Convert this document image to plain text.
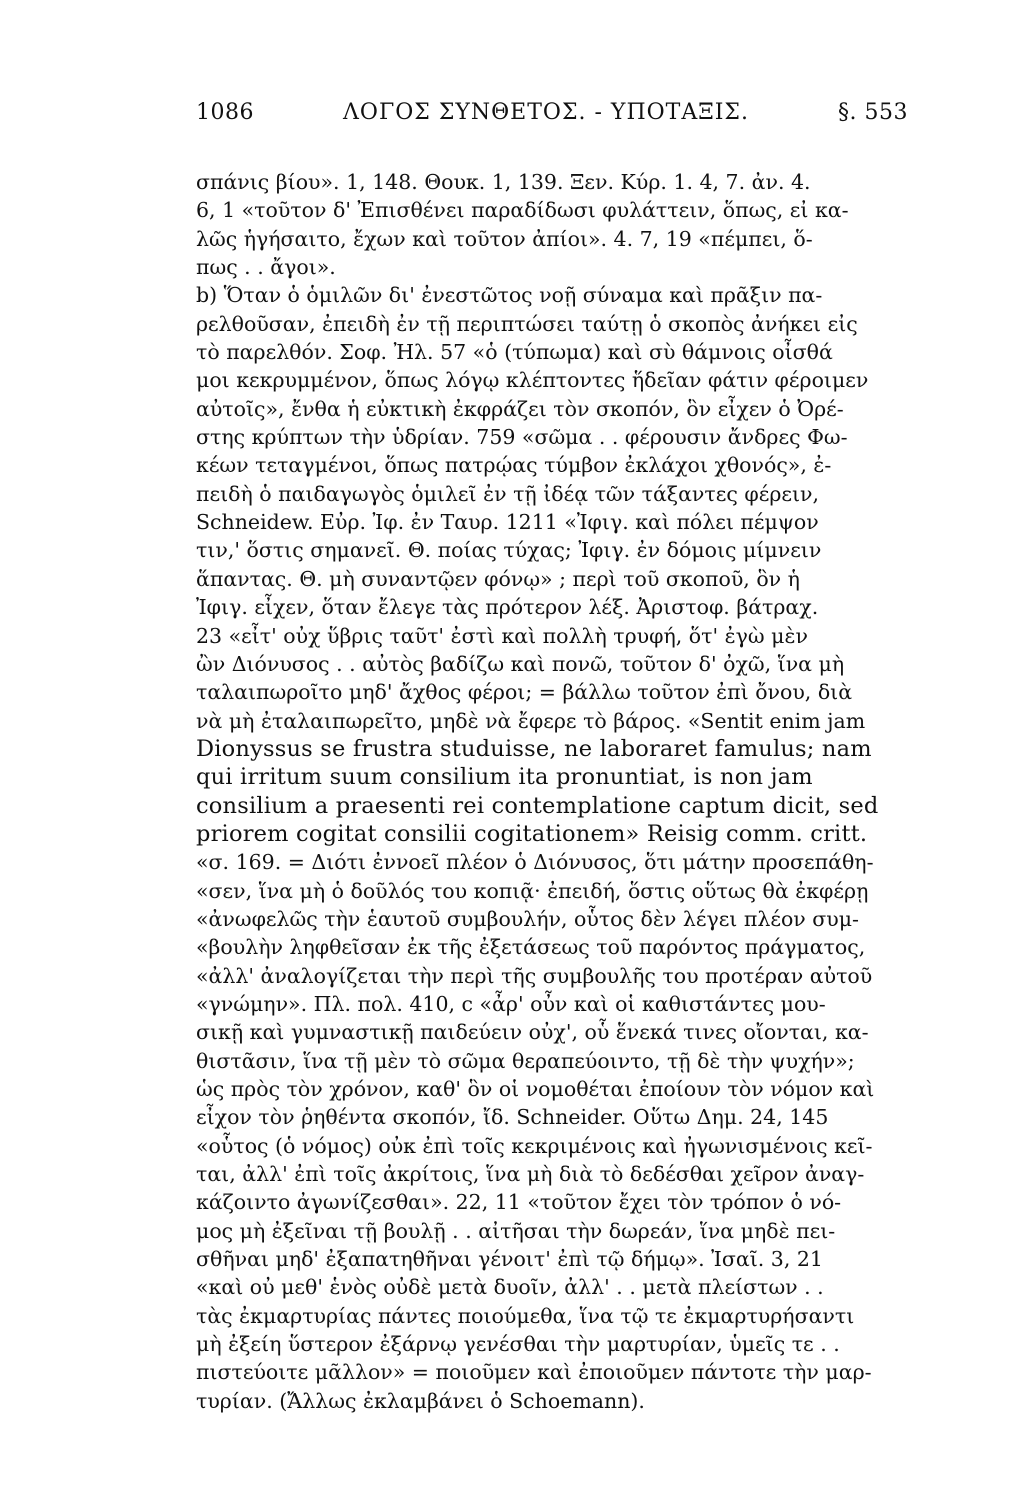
1086	ΛΟΓΟΣ ΣΥΝΘΕΤΟΣ. - ΥΠΟΤΑΞΙΣ.	§. 553
σπάνις βίου». 1, 148. Θουκ. 1, 139. Ξεν. Κύρ. 1. 4, 7. ἀν. 4.
6, 1 «τοῦτον δ' Ἐπισθένει παραδίδωσι φυλάττειν, ὅπως, εἰ κα-
λῶς ἡγήσαιτο, ἔχων καὶ τοῦτον ἀπίοι». 4. 7, 19 «πέμπει, ὅ-
πως . . ἄγοι».
b) Ὅταν ὁ ὁμιλῶν δι' ἐνεστῶτος νοῇ σύναμα καὶ πρᾶξιν πα-
ρελθοῦσαν, ἐπειδὴ ἐν τῇ περιπτώσει ταύτῃ ὁ σκοπὸς ἀνήκει εἰς
τὸ παρελθόν. Σοφ. Ἠλ. 57 «ὁ (τύπωμα) καὶ σὺ θάμνοις οἶσθά
μοι κεκρυμμένον, ὅπως λόγῳ κλέπτοντες ἥδεῖαν φάτιν φέροιμεν
αὐτοῖς», ἔνθα ἡ εὐκτικὴ ἐκφράζει τὸν σκοπόν, ὃν εἶχεν ὁ Ὀρέ-
στης κρύπτων τὴν ὑδρίαν. 759 «σῶμα . . φέρουσιν ἄνδρες Φω-
κέων τεταγμένοι, ὅπως πατρῴας τύμβον ἐκλάχοι χθονός», ἐ-
πειδὴ ὁ παιδαγωγὸς ὁμιλεῖ ἐν τῇ ἰδέᾳ τῶν τάξαντες φέρειν,
Schneidew. Εὐρ. Ἰφ. ἐν Ταυρ. 1211 «Ἰφιγ. καὶ πόλει πέμψον
τιν,' ὅστις σημανεῖ. Θ. ποίας τύχας; Ἰφιγ. ἐν δόμοις μίμνειν
ἅπαντας. Θ. μὴ συναντῷεν φόνῳ» ; περὶ τοῦ σκοποῦ, ὃν ἡ
Ἰφιγ. εἶχεν, ὅταν ἔλεγε τὰς πρότερον λέξ. Ἀριστοφ. βάτραχ.
23 «εἶτ' οὐχ ὕβρις ταῦτ' ἐστὶ καὶ πολλὴ τρυφή, ὅτ' ἐγὼ μὲν
ὢν Διόνυσος . . αὐτὸς βαδίζω καὶ πονῶ, τοῦτον δ' ὀχῶ, ἵνα μὴ
ταλαιπωροῖτο μηδ' ἄχθος φέροι; = βάλλω τοῦτον ἐπὶ ὄνου, διὰ
νὰ μὴ ἐταλαιπωρεῖτο, μηδὲ νὰ ἔφερε τὸ βάρος. «Sentit enim jam
Dionyssus se frustra studuisse, ne laboraret famulus; nam
qui irritum suum consilium ita pronuntiat, is non jam
consilium a praesenti rei contemplatione captum dicit, sed
priorem cogitat consilii cogitationem» Reisig comm. critt.
«σ. 169. = Διότι ἐννοεῖ πλέον ὁ Διόνυσος, ὅτι μάτην προσεπάθη-
«σεν, ἵνα μὴ ὁ δοῦλός του κοπιᾷ· ἐπειδή, ὅστις οὕτως θὰ ἐκφέρῃ
«ἀνωφελῶς τὴν ἑαυτοῦ συμβουλήν, οὗτος δὲν λέγει πλέον συμ-
«βουλὴν ληφθεῖσαν ἐκ τῆς ἐξετάσεως τοῦ παρόντος πράγματος,
«ἀλλ' ἀναλογίζεται τὴν περὶ τῆς συμβουλῆς του προτέραν αὐτοῦ
«γνώμην». Πλ. πολ. 410, c «ἆρ' οὖν καὶ οἱ καθιστάντες μου-
σικῇ καὶ γυμναστικῇ παιδεύειν οὐχ', οὗ ἕνεκά τινες οἴονται, κα-
θιστᾶσιν, ἵνα τῇ μὲν τὸ σῶμα θεραπεύοιντο, τῇ δὲ τὴν ψυχήν»;
ὡς πρὸς τὸν χρόνον, καθ' ὃν οἱ νομοθέται ἐποίουν τὸν νόμον καὶ
εἶχον τὸν ῥηθέντα σκοπόν, ἴδ. Schneider. Οὕτω Δημ. 24, 145
«οὗτος (ὁ νόμος) οὐκ ἐπὶ τοῖς κεκριμένοις καὶ ἠγωνισμένοις κεῖ-
ται, ἀλλ' ἐπὶ τοῖς ἀκρίτοις, ἵνα μὴ διὰ τὸ δεδέσθαι χεῖρον ἀναγ-
κάζοιντο ἀγωνίζεσθαι». 22, 11 «τοῦτον ἔχει τὸν τρόπον ὁ νό-
μος μὴ ἐξεῖναι τῇ βουλῇ . . αἰτῆσαι τὴν δωρεάν, ἵνα μηδὲ πει-
σθῆναι μηδ' ἐξαπατηθῆναι γένοιτ' ἐπὶ τῷ δήμῳ». Ἰσαῖ. 3, 21
«καὶ οὐ μεθ' ἑνὸς οὐδὲ μετὰ δυοῖν, ἀλλ' . . μετὰ πλείστων . .
τὰς ἐκμαρτυρίας πάντες ποιούμεθα, ἵνα τῷ τε ἐκμαρτυρήσαντι
μὴ ἐξείη ὕστερον ἐξάρνῳ γενέσθαι τὴν μαρτυρίαν, ὑμεῖς τε . .
πιστεύοιτε μᾶλλον» = ποιοῦμεν καὶ ἐποιοῦμεν πάντοτε τὴν μαρ-
τυρίαν. (Ἄλλως ἐκλαμβάνει ὁ Schoemann).
